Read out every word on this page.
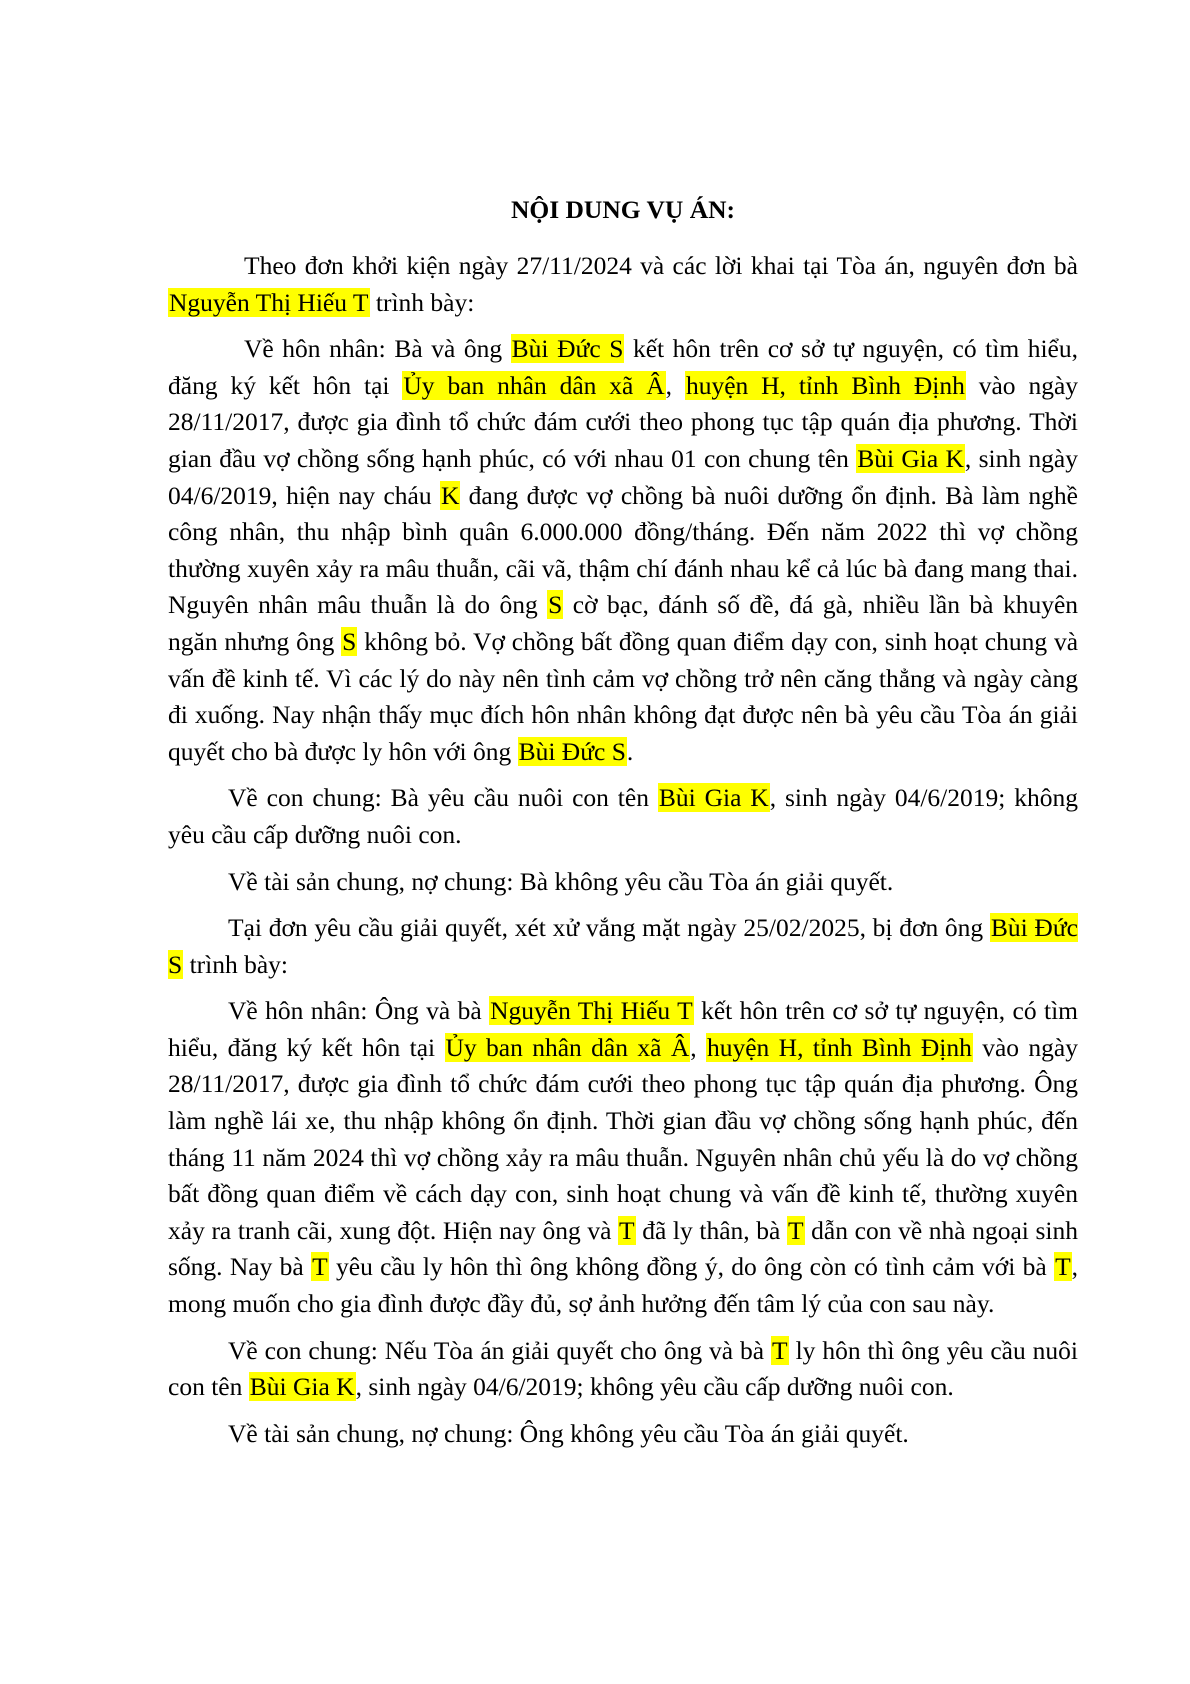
NỘI DUNG VỤ ÁN:

Theo đơn khởi kiện ngày 27/11/2024 và các lời khai tại Tòa án, nguyên đơn bà Nguyễn Thị Hiếu T trình bày:

Về hôn nhân: Bà và ông Bùi Đức S kết hôn trên cơ sở tự nguyện, có tìm hiểu, đăng ký kết hôn tại Ủy ban nhân dân xã Â, huyện H, tỉnh Bình Định vào ngày 28/11/2017, được gia đình tổ chức đám cưới theo phong tục tập quán địa phương. Thời gian đầu vợ chồng sống hạnh phúc, có với nhau 01 con chung tên Bùi Gia K, sinh ngày 04/6/2019, hiện nay cháu K đang được vợ chồng bà nuôi dưỡng ổn định. Bà làm nghề công nhân, thu nhập bình quân 6.000.000 đồng/tháng. Đến năm 2022 thì vợ chồng thường xuyên xảy ra mâu thuẫn, cãi vã, thậm chí đánh nhau kể cả lúc bà đang mang thai. Nguyên nhân mâu thuẫn là do ông S cờ bạc, đánh số đề, đá gà, nhiều lần bà khuyên ngăn nhưng ông S không bỏ. Vợ chồng bất đồng quan điểm dạy con, sinh hoạt chung và vấn đề kinh tế. Vì các lý do này nên tình cảm vợ chồng trở nên căng thẳng và ngày càng đi xuống. Nay nhận thấy mục đích hôn nhân không đạt được nên bà yêu cầu Tòa án giải quyết cho bà được ly hôn với ông Bùi Đức S.

Về con chung: Bà yêu cầu nuôi con tên Bùi Gia K, sinh ngày 04/6/2019; không yêu cầu cấp dưỡng nuôi con.

Về tài sản chung, nợ chung: Bà không yêu cầu Tòa án giải quyết.

Tại đơn yêu cầu giải quyết, xét xử vắng mặt ngày 25/02/2025, bị đơn ông Bùi Đức S trình bày:

Về hôn nhân: Ông và bà Nguyễn Thị Hiếu T kết hôn trên cơ sở tự nguyện, có tìm hiểu, đăng ký kết hôn tại Ủy ban nhân dân xã Â, huyện H, tỉnh Bình Định vào ngày 28/11/2017, được gia đình tổ chức đám cưới theo phong tục tập quán địa phương. Ông làm nghề lái xe, thu nhập không ổn định. Thời gian đầu vợ chồng sống hạnh phúc, đến tháng 11 năm 2024 thì vợ chồng xảy ra mâu thuẫn. Nguyên nhân chủ yếu là do vợ chồng bất đồng quan điểm về cách dạy con, sinh hoạt chung và vấn đề kinh tế, thường xuyên xảy ra tranh cãi, xung đột. Hiện nay ông và T đã ly thân, bà T dẫn con về nhà ngoại sinh sống. Nay bà T yêu cầu ly hôn thì ông không đồng ý, do ông còn có tình cảm với bà T, mong muốn cho gia đình được đầy đủ, sợ ảnh hưởng đến tâm lý của con sau này.

Về con chung: Nếu Tòa án giải quyết cho ông và bà T ly hôn thì ông yêu cầu nuôi con tên Bùi Gia K, sinh ngày 04/6/2019; không yêu cầu cấp dưỡng nuôi con.

Về tài sản chung, nợ chung: Ông không yêu cầu Tòa án giải quyết.
